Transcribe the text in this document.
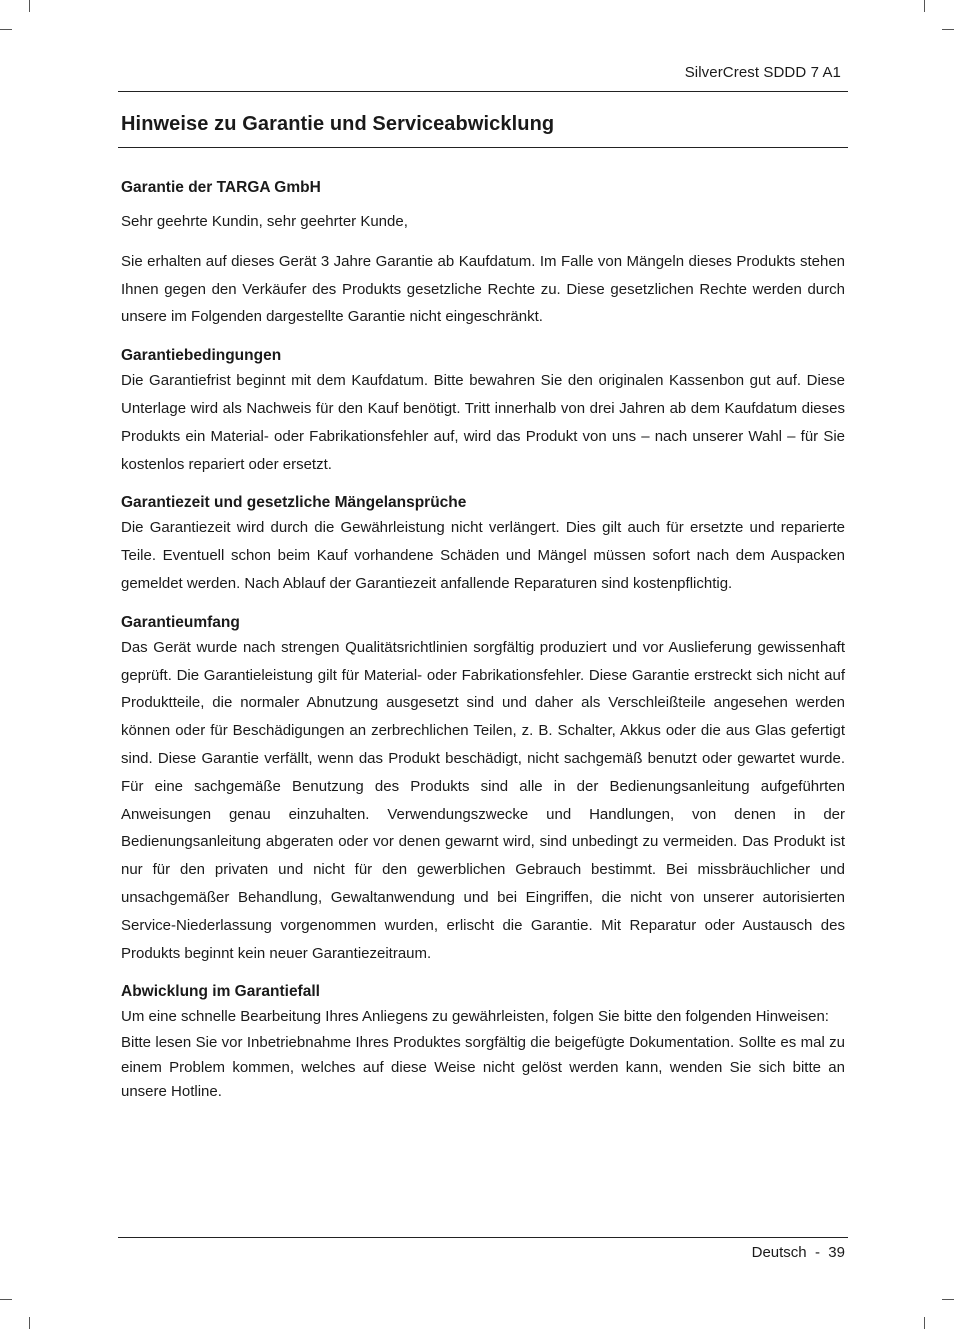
SilverCrest SDDD 7 A1
Hinweise zu Garantie und Serviceabwicklung
Garantie der TARGA GmbH

Sehr geehrte Kundin, sehr geehrter Kunde,

Sie erhalten auf dieses Gerät 3 Jahre Garantie ab Kaufdatum. Im Falle von Mängeln dieses Produkts stehen Ihnen gegen den Verkäufer des Produkts gesetzliche Rechte zu. Diese gesetzlichen Rechte werden durch unsere im Folgenden dargestellte Garantie nicht eingeschränkt.

Garantiebedingungen

Die Garantiefrist beginnt mit dem Kaufdatum. Bitte bewahren Sie den originalen Kassenbon gut auf. Diese Unterlage wird als Nachweis für den Kauf benötigt. Tritt innerhalb von drei Jahren ab dem Kaufdatum dieses Produkts ein Material- oder Fabrikationsfehler auf, wird das Produkt von uns – nach unserer Wahl – für Sie kostenlos repariert oder ersetzt.

Garantiezeit und gesetzliche Mängelansprüche

Die Garantiezeit wird durch die Gewährleistung nicht verlängert. Dies gilt auch für ersetzte und reparierte Teile. Eventuell schon beim Kauf vorhandene Schäden und Mängel müssen sofort nach dem Auspacken gemeldet werden. Nach Ablauf der Garantiezeit anfallende Reparaturen sind kostenpflichtig.

Garantieumfang

Das Gerät wurde nach strengen Qualitätsrichtlinien sorgfältig produziert und vor Auslieferung gewissenhaft geprüft. Die Garantieleistung gilt für Material- oder Fabrikationsfehler. Diese Garantie erstreckt sich nicht auf Produktteile, die normaler Abnutzung ausgesetzt sind und daher als Verschleißteile angesehen werden können oder für Beschädigungen an zerbrechlichen Teilen, z. B. Schalter, Akkus oder die aus Glas gefertigt sind. Diese Garantie verfällt, wenn das Produkt beschädigt, nicht sachgemäß benutzt oder gewartet wurde. Für eine sachgemäße Benutzung des Produkts sind alle in der Bedienungsanleitung aufgeführten Anweisungen genau einzuhalten. Verwendungszwecke und Handlungen, von denen in der Bedienungsanleitung abgeraten oder vor denen gewarnt wird, sind unbedingt zu vermeiden. Das Produkt ist nur für den privaten und nicht für den gewerblichen Gebrauch bestimmt. Bei missbräuchlicher und unsachgemäßer Behandlung, Gewaltanwendung und bei Eingriffen, die nicht von unserer autorisierten Service-Niederlassung vorgenommen wurden, erlischt die Garantie. Mit Reparatur oder Austausch des Produkts beginnt kein neuer Garantiezeitraum.

Abwicklung im Garantiefall

Um eine schnelle Bearbeitung Ihres Anliegens zu gewährleisten, folgen Sie bitte den folgenden Hinweisen:

Bitte lesen Sie vor Inbetriebnahme Ihres Produktes sorgfältig die beigefügte Dokumentation. Sollte es mal zu einem Problem kommen, welches auf diese Weise nicht gelöst werden kann, wenden Sie sich bitte an unsere Hotline.

Deutsch  -  39
